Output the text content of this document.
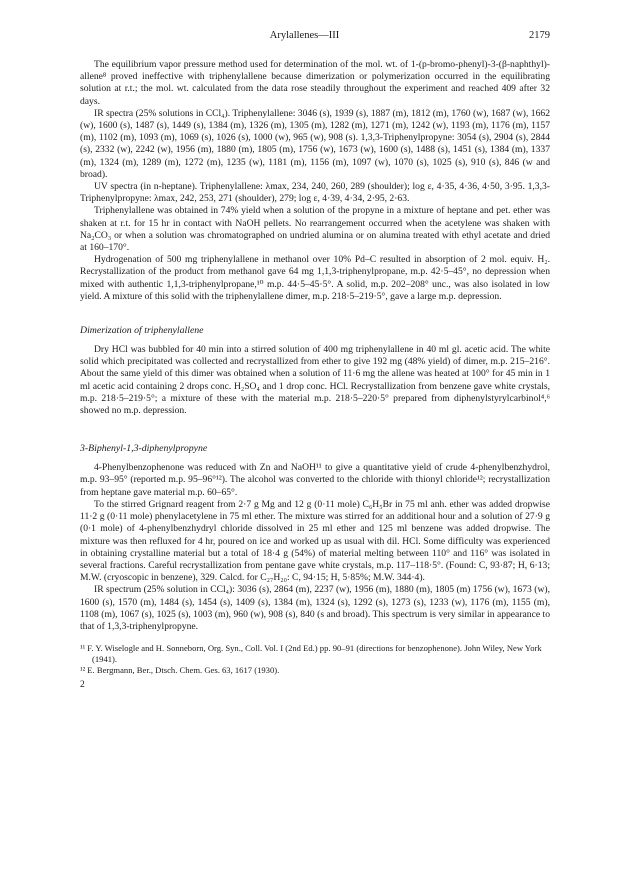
Arylallenes—III	2179

The equilibrium vapor pressure method used for determination of the mol. wt. of 1-(p-bromo-phenyl)-3-(β-naphthyl)-allene⁸ proved ineffective with triphenylallene because dimerization or polymerization occurred in the equilibrating solution at r.t.; the mol. wt. calculated from the data rose steadily throughout the experiment and reached 409 after 32 days.

IR spectra (25% solutions in CCl₄). Triphenylallene: 3046 (s), 1939 (s), 1887 (m), 1812 (m), 1760 (w), 1687 (w), 1662 (w), 1600 (s), 1487 (s), 1449 (s), 1384 (m), 1326 (m), 1305 (m), 1282 (m), 1271 (m), 1242 (w), 1193 (m), 1176 (m), 1157 (m), 1102 (m), 1093 (m), 1069 (s), 1026 (s), 1000 (w), 965 (w), 908 (s). 1,3,3-Triphenylpropyne: 3054 (s), 2904 (s), 2844 (s), 2332 (w), 2242 (w), 1956 (m), 1880 (m), 1805 (m), 1756 (w), 1673 (w), 1600 (s), 1488 (s), 1451 (s), 1384 (m), 1337 (m), 1324 (m), 1289 (m), 1272 (m), 1235 (w), 1181 (m), 1156 (m), 1097 (w), 1070 (s), 1025 (s), 910 (s), 846 (w and broad).

UV spectra (in n-heptane). Triphenylallene: λmax, 234, 240, 260, 289 (shoulder); log ε, 4·35, 4·36, 4·50, 3·95. 1,3,3-Triphenylpropyne: λmax, 242, 253, 271 (shoulder), 279; log ε, 4·39, 4·34, 2·95, 2·63.

Triphenylallene was obtained in 74% yield when a solution of the propyne in a mixture of heptane and pet. ether was shaken at r.t. for 15 hr in contact with NaOH pellets. No rearrangement occurred when the acetylene was shaken with Na₂CO₃ or when a solution was chromatographed on undried alumina or on alumina treated with ethyl acetate and dried at 160–170°.

Hydrogenation of 500 mg triphenylallene in methanol over 10% Pd–C resulted in absorption of 2 mol. equiv. H₂. Recrystallization of the product from methanol gave 64 mg 1,1,3-triphenylpropane, m.p. 42·5–45°, no depression when mixed with authentic 1,1,3-triphenylpropane,¹⁰ m.p. 44·5–45·5°. A solid, m.p. 202–208° unc., was also isolated in low yield. A mixture of this solid with the triphenylallene dimer, m.p. 218·5–219·5°, gave a large m.p. depression.

Dimerization of triphenylallene

Dry HCl was bubbled for 40 min into a stirred solution of 400 mg triphenylallene in 40 ml gl. acetic acid. The white solid which precipitated was collected and recrystallized from ether to give 192 mg (48% yield) of dimer, m.p. 215–216°. About the same yield of this dimer was obtained when a solution of 11·6 mg the allene was heated at 100° for 45 min in 1 ml acetic acid containing 2 drops conc. H₂SO₄ and 1 drop conc. HCl. Recrystallization from benzene gave white crystals, m.p. 218·5–219·5°; a mixture of these with the material m.p. 218·5–220·5° prepared from diphenylstyrylcarbinol⁴,⁶ showed no m.p. depression.

3-Biphenyl-1,3-diphenylpropyne

4-Phenylbenzophenone was reduced with Zn and NaOH¹¹ to give a quantitative yield of crude 4-phenylbenzhydrol, m.p. 93–95° (reported m.p. 95–96°¹²). The alcohol was converted to the chloride with thionyl chloride¹²; recrystallization from heptane gave material m.p. 60–65°.

To the stirred Grignard reagent from 2·7 g Mg and 12 g (0·11 mole) C₆H₅Br in 75 ml anh. ether was added dropwise 11·2 g (0·11 mole) phenylacetylene in 75 ml ether. The mixture was stirred for an additional hour and a solution of 27·9 g (0·1 mole) of 4-phenylbenzhydryl chloride dissolved in 25 ml ether and 125 ml benzene was added dropwise. The mixture was then refluxed for 4 hr, poured on ice and worked up as usual with dil. HCl. Some difficulty was experienced in obtaining crystalline material but a total of 18·4 g (54%) of material melting between 110° and 116° was isolated in several fractions. Careful recrystallization from pentane gave white crystals, m.p. 117–118·5°. (Found: C, 93·87; H, 6·13; M.W. (cryoscopic in benzene), 329. Calcd. for C₂₇H₂₀: C, 94·15; H, 5·85%; M.W. 344·4).

IR spectrum (25% solution in CCl₄): 3036 (s), 2864 (m), 2237 (w), 1956 (m), 1880 (m), 1805 (m) 1756 (w), 1673 (w), 1600 (s), 1570 (m), 1484 (s), 1454 (s), 1409 (s), 1384 (m), 1324 (s), 1292 (s), 1273 (s), 1233 (w), 1176 (m), 1155 (m), 1108 (m), 1067 (s), 1025 (s), 1003 (m), 960 (w), 908 (s), 840 (s and broad). This spectrum is very similar in appearance to that of 1,3,3-triphenylpropyne.

¹¹ F. Y. Wiselogle and H. Sonneborn, Org. Syn., Coll. Vol. I (2nd Ed.) pp. 90–91 (directions for benzophenone). John Wiley, New York (1941).

¹² E. Bergmann, Ber., Dtsch. Chem. Ges. 63, 1617 (1930).

2
